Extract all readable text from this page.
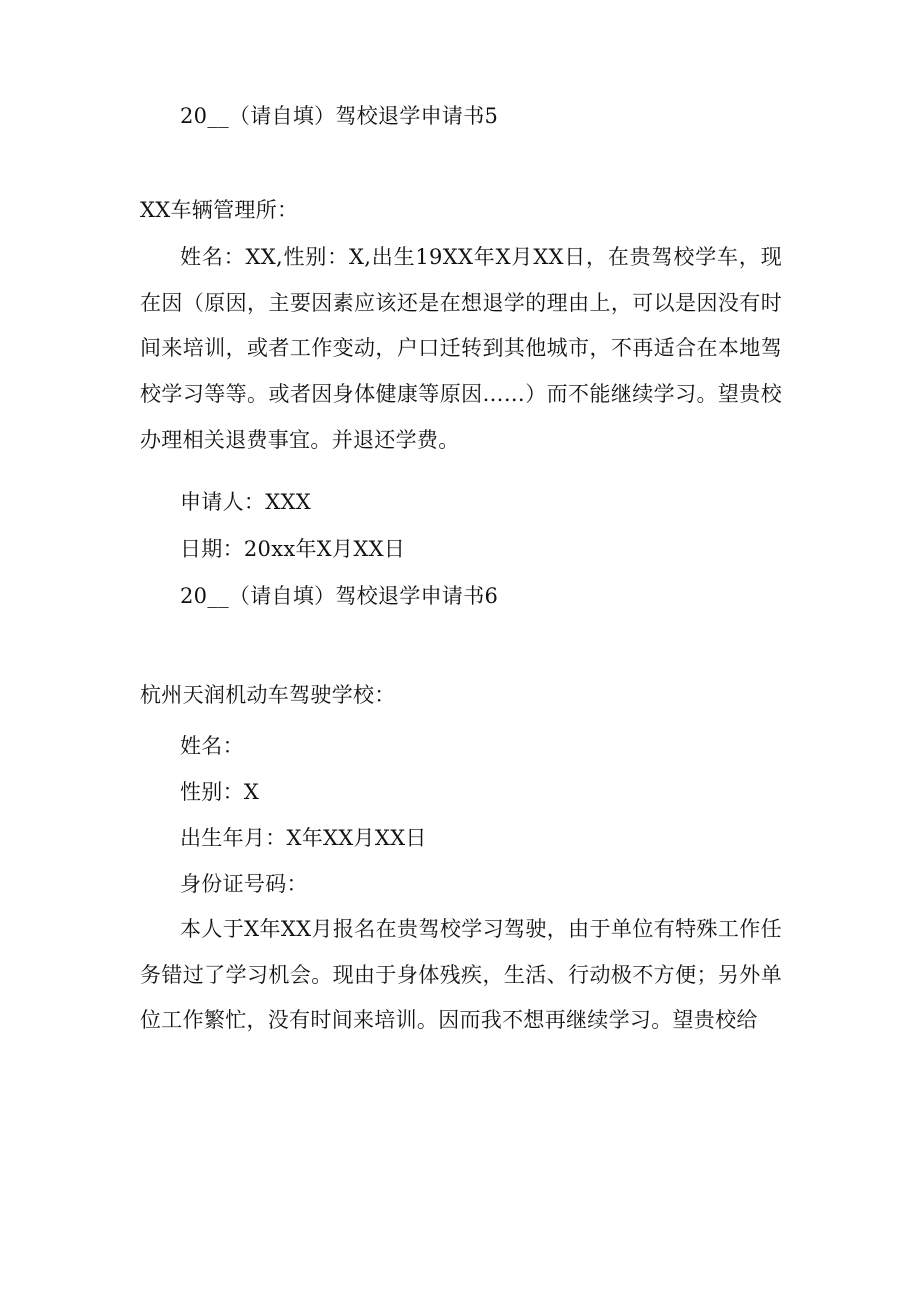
20__（请自填）驾校退学申请书5
XX车辆管理所：

姓名：XX,性别：X,出生19XX年X月XX日，在贵驾校学车，现在因（原因，主要因素应该还是在想退学的理由上，可以是因没有时间来培训，或者工作变动，户口迁转到其他城市，不再适合在本地驾校学习等等。或者因身体健康等原因……）而不能继续学习。望贵校办理相关退费事宜。并退还学费。

申请人：XXX
日期：20xx年X月XX日
20__（请自填）驾校退学申请书6
杭州天润机动车驾驶学校：
姓名：
性别：X
出生年月：X年XX月XX日
身份证号码：

本人于X年XX月报名在贵驾校学习驾驶，由于单位有特殊工作任务错过了学习机会。现由于身体残疾，生活、行动极不方便；另外单位工作繁忙，没有时间来培训。因而我不想再继续学习。望贵校给
